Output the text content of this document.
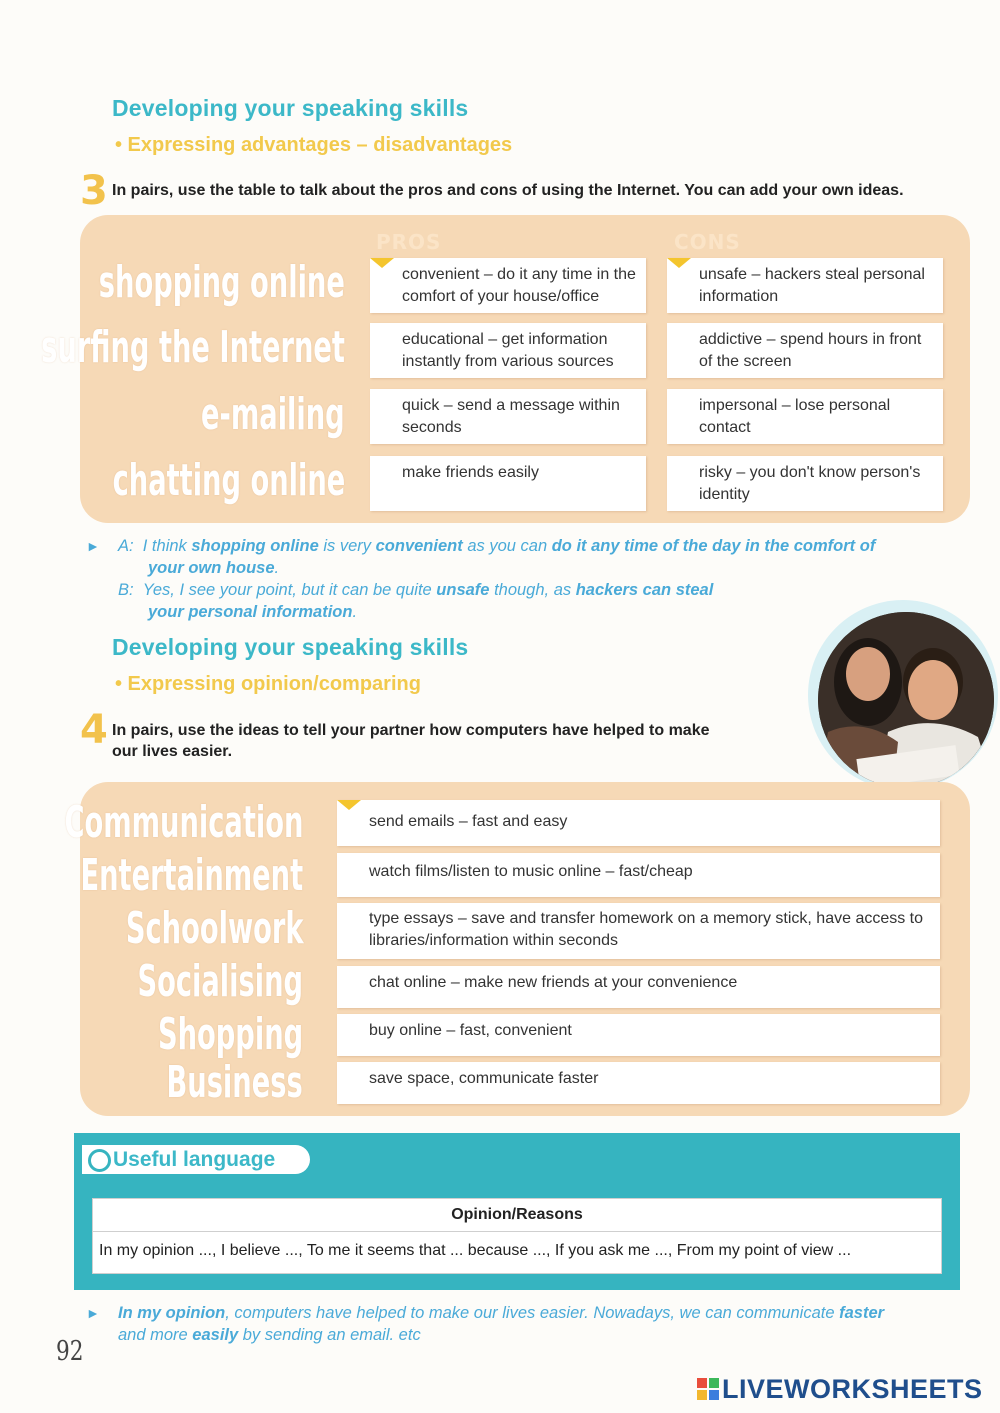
Developing your speaking skills
• Expressing advantages – disadvantages
3 In pairs, use the table to talk about the pros and cons of using the Internet. You can add your own ideas.
PROS	CONS
shopping online
surfing the Internet
e-mailing
chatting online
convenient – do it any time in the comfort of your house/office
educational – get information instantly from various sources
quick – send a message within seconds
make friends easily
unsafe – hackers steal personal information
addictive – spend hours in front of the screen
impersonal – lose personal contact
risky – you don't know person's identity
► A: I think shopping online is very convenient as you can do it any time of the day in the comfort of
your own house.
B: Yes, I see your point, but it can be quite unsafe though, as hackers can steal
your personal information.
Developing your speaking skills
• Expressing opinion/comparing
4 In pairs, use the ideas to tell your partner how computers have helped to make
our lives easier.
Communication
Entertainment
Schoolwork
Socialising
Shopping
Business
send emails – fast and easy
watch films/listen to music online – fast/cheap
type essays – save and transfer homework on a memory stick, have access to libraries/information within seconds
chat online – make new friends at your convenience
buy online – fast, convenient
save space, communicate faster
Useful language
Opinion/Reasons
In my opinion ..., I believe ..., To me it seems that ... because ..., If you ask me ..., From my point of view ...
► In my opinion, computers have helped to make our lives easier. Nowadays, we can communicate faster
and more easily by sending an email. etc
92
LIVEWORKSHEETS
